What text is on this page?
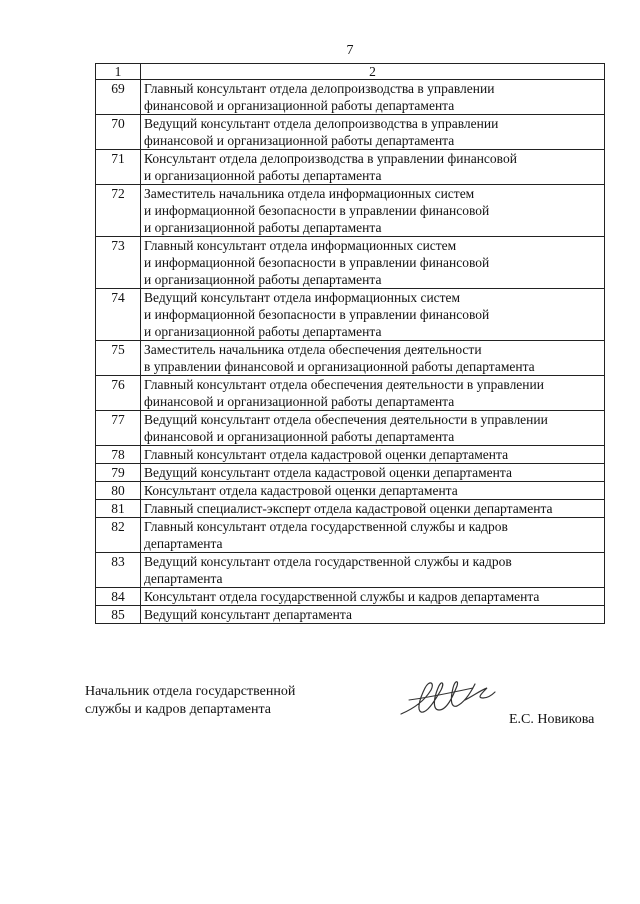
7
1	2
69	Главный консультант отдела делопроизводства в управлении
финансовой и организационной работы департамента

70	Ведущий консультант отдела делопроизводства в управлении
финансовой и организационной работы департамента

71	Консультант отдела делопроизводства в управлении финансовой
и организационной работы департамента

72	Заместитель начальника отдела информационных систем
и информационной безопасности в управлении финансовой
и организационной работы департамента

73	Главный консультант отдела информационных систем
и информационной безопасности в управлении финансовой
и организационной работы департамента

74	Ведущий консультант отдела информационных систем
и информационной безопасности в управлении финансовой
и организационной работы департамента

75	Заместитель начальника отдела обеспечения деятельности
в управлении финансовой и организационной работы департамента

76	Главный консультант отдела обеспечения деятельности в управлении
финансовой и организационной работы департамента

77	Ведущий консультант отдела обеспечения деятельности в управлении
финансовой и организационной работы департамента

78	Главный консультант отдела кадастровой оценки департамента

79	Ведущий консультант отдела кадастровой оценки департамента

80	Консультант отдела кадастровой оценки департамента

81	Главный специалист-эксперт отдела кадастровой оценки департамента

82	Главный консультант отдела государственной службы и кадров
департамента

83	Ведущий консультант отдела государственной службы и кадров
департамента

84	Консультант отдела государственной службы и кадров департамента

85	Ведущий консультант департамента
Начальник отдела государственной
службы и кадров департамента
Е.С. Новикова
